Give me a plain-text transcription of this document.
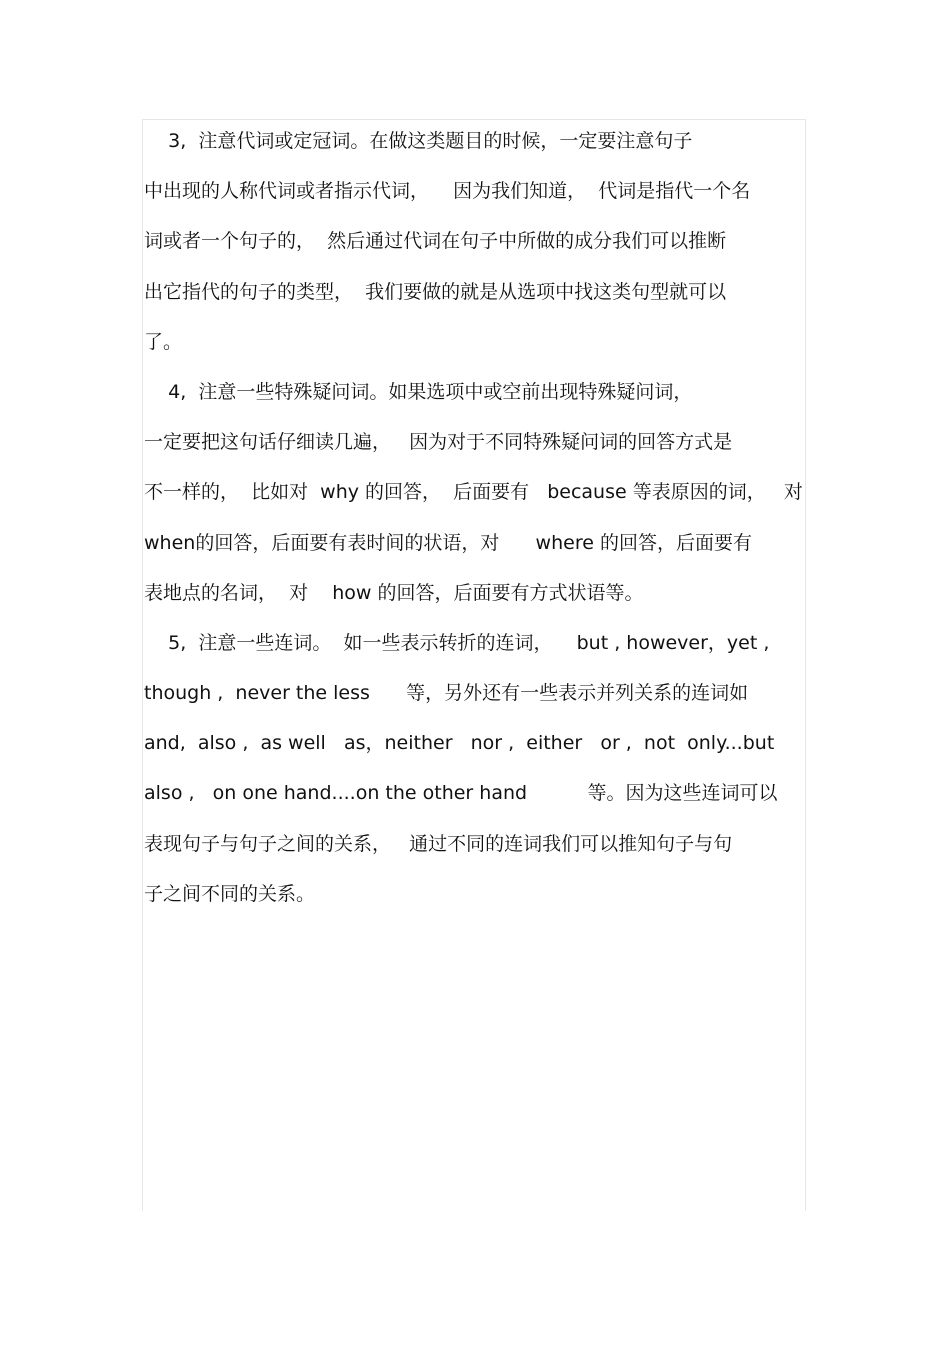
3,  注意代词或定冠词。在做这类题目的时候，一定要注意句子
中出现的人称代词或者指示代词，    因为我们知道，  代词是指代一个名
词或者一个句子的，  然后通过代词在句子中所做的成分我们可以推断
出它指代的句子的类型，  我们要做的就是从选项中找这类句型就可以
了。
4,  注意一些特殊疑问词。如果选项中或空前出现特殊疑问词，
一定要把这句话仔细读几遍，   因为对于不同特殊疑问词的回答方式是
不一样的，  比如对  why 的回答，  后面要有   because 等表原因的词，   对
when的回答，后面要有表时间的状语，对      where 的回答，后面要有
表地点的名词，  对    how 的回答，后面要有方式状语等。
5,  注意一些连词。  如一些表示转折的连词，    but , however，yet ,
though ,  never the less      等，另外还有一些表示并列关系的连词如
and,  also ,  as well   as，neither   nor ,  either   or ,  not  only...but
also ,   on one hand....on the other hand          等。因为这些连词可以
表现句子与句子之间的关系，   通过不同的连词我们可以推知句子与句
子之间不同的关系。
